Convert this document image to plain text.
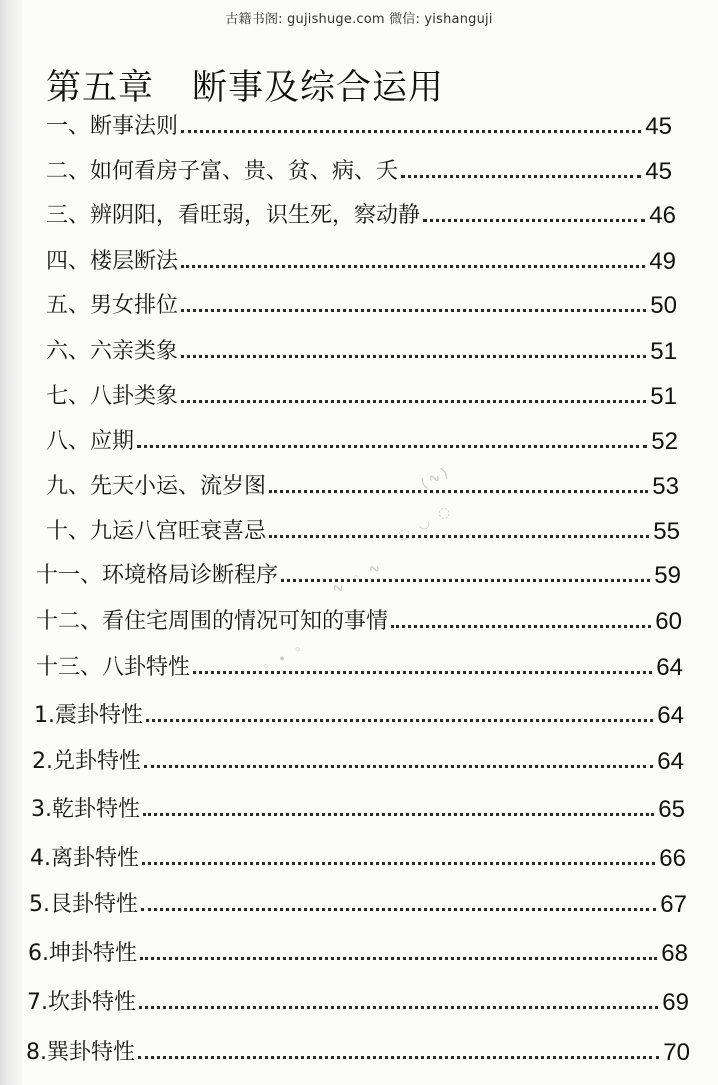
古籍书阁: gujishuge.com 微信: yishanguji
第五章 断事及综合运用
⟨∿⟩
◌ ◡ ◌
∿ ◦ ∿
◦ ∙ ◦
一、断事法则	45
二、如何看房子富、贵、贫、病、夭	45
三、辨阴阳，看旺弱，识生死，察动静	46
四、楼层断法	49
五、男女排位	50
六、六亲类象	51
七、八卦类象	51
八、应期	52
九、先天小运、流岁图	53
十、九运八宫旺衰喜忌	55
十一、环境格局诊断程序	59
十二、看住宅周围的情况可知的事情	60
十三、八卦特性	64
1.震卦特性	64
2.兑卦特性	64
3.乾卦特性	65
4.离卦特性	66
5.艮卦特性	67
6.坤卦特性	68
7.坎卦特性	69
8.巽卦特性	70
